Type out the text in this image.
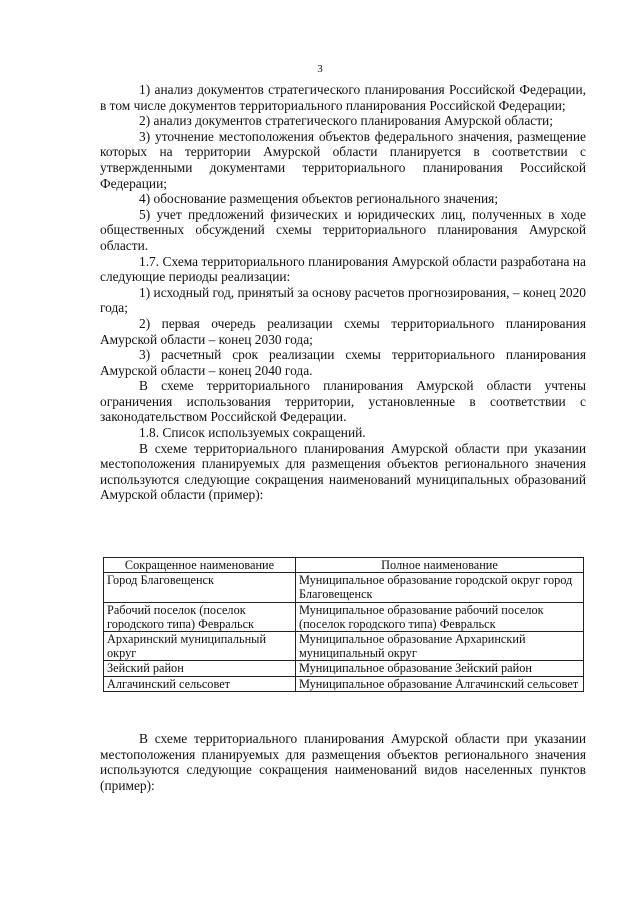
3

1) анализ документов стратегического планирования Российской Федерации, в том числе документов территориального планирования Российской Федерации;

2) анализ документов стратегического планирования Амурской области;

3) уточнение местоположения объектов федерального значения, размещение которых на территории Амурской области планируется в соответствии с утвержденными документами территориального планирования Российской Федерации;

4) обоснование размещения объектов регионального значения;

5) учет предложений физических и юридических лиц, полученных в ходе общественных обсуждений схемы территориального планирования Амурской области.

1.7. Схема территориального планирования Амурской области разработана на следующие периоды реализации:

1) исходный год, принятый за основу расчетов прогнозирования, – конец 2020 года;

2) первая очередь реализации схемы территориального планирования Амурской области – конец 2030 года;

3) расчетный срок реализации схемы территориального планирования Амурской области – конец 2040 года.

В схеме территориального планирования Амурской области учтены ограничения использования территории, установленные в соответствии с законодательством Российской Федерации.

1.8. Список используемых сокращений.

В схеме территориального планирования Амурской области при указании местоположения планируемых для размещения объектов регионального значения используются следующие сокращения наименований муниципальных образований Амурской области (пример):

Сокращенное наименование	Полное наименование
Город Благовещенск	Муниципальное образование городской округ город Благовещенск
Рабочий поселок (поселок городского типа) Февральск	Муниципальное образование рабочий поселок (поселок городского типа) Февральск
Архаринский муниципальный округ	Муниципальное образование Архаринский муниципальный округ
Зейский район	Муниципальное образование Зейский район
Алгачинский сельсовет	Муниципальное образование Алгачинский сельсовет

В схеме территориального планирования Амурской области при указании местоположения планируемых для размещения объектов регионального значения используются следующие сокращения наименований видов населенных пунктов (пример):
